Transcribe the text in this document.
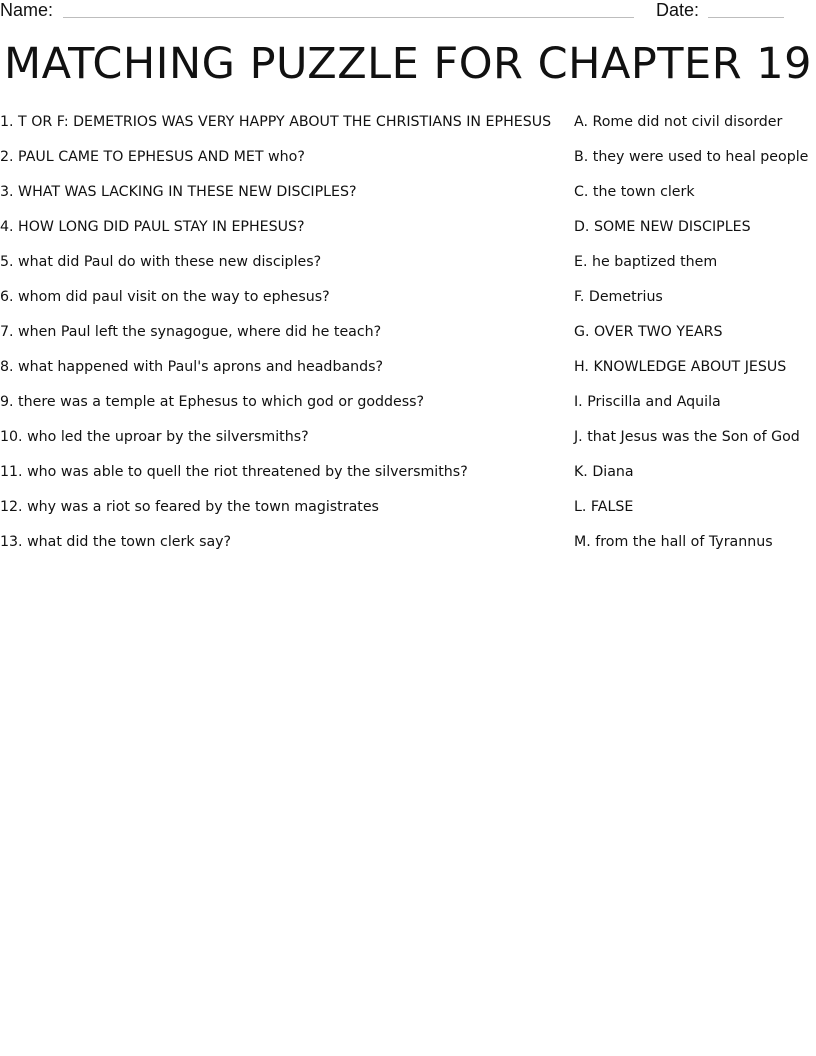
Name:	Date:
MATCHING PUZZLE FOR CHAPTER 19
1. T OR F: DEMETRIOS WAS VERY HAPPY ABOUT THE CHRISTIANS IN EPHESUS
2. PAUL CAME TO EPHESUS AND MET who?
3. WHAT WAS LACKING IN THESE NEW DISCIPLES?
4. HOW LONG DID PAUL STAY IN EPHESUS?
5. what did Paul do with these new disciples?
6. whom did paul visit on the way to ephesus?
7. when Paul left the synagogue, where did he teach?
8. what happened with Paul's aprons and headbands?
9. there was a temple at Ephesus to which god or goddess?
10. who led the uproar by the silversmiths?
11. who was able to quell the riot threatened by the silversmiths?
12. why was a riot so feared by the town magistrates
13. what did the town clerk say?
A. Rome did not civil disorder
B. they were used to heal people
C. the town clerk
D. SOME NEW DISCIPLES
E. he baptized them
F. Demetrius
G. OVER TWO YEARS
H. KNOWLEDGE ABOUT JESUS
I. Priscilla and Aquila
J. that Jesus was the Son of God
K. Diana
L. FALSE
M. from the hall of Tyrannus
